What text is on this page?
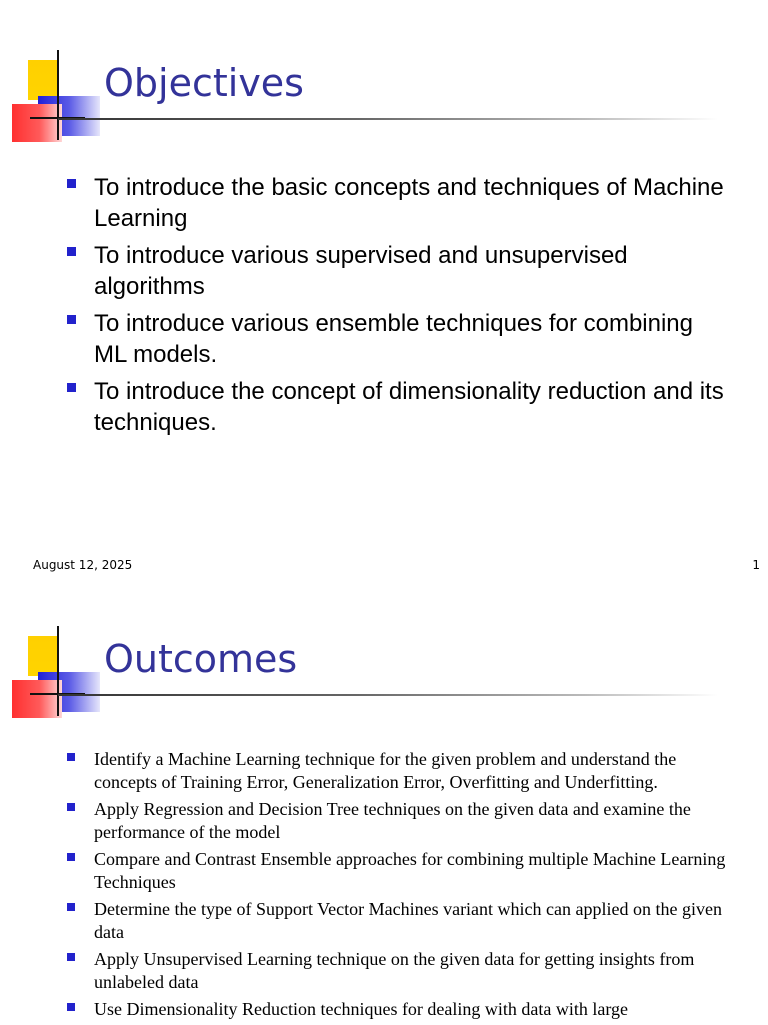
Objectives
To introduce the basic concepts and techniques of Machine Learning
To introduce various supervised and unsupervised algorithms
To introduce various ensemble techniques for combining ML models.
To introduce the concept of dimensionality reduction and its techniques.
August 12, 2025	1
Outcomes
Identify a Machine Learning technique for the given problem and understand the concepts of Training Error, Generalization Error, Overfitting and Underfitting.
Apply Regression and Decision Tree techniques on the given data and examine the performance of the model
Compare and Contrast Ensemble approaches for combining multiple Machine Learning Techniques
Determine the type of Support Vector Machines variant which can applied on the given data
Apply Unsupervised Learning technique on the given data for getting insights from unlabeled data
Use Dimensionality Reduction techniques for dealing with data with large
